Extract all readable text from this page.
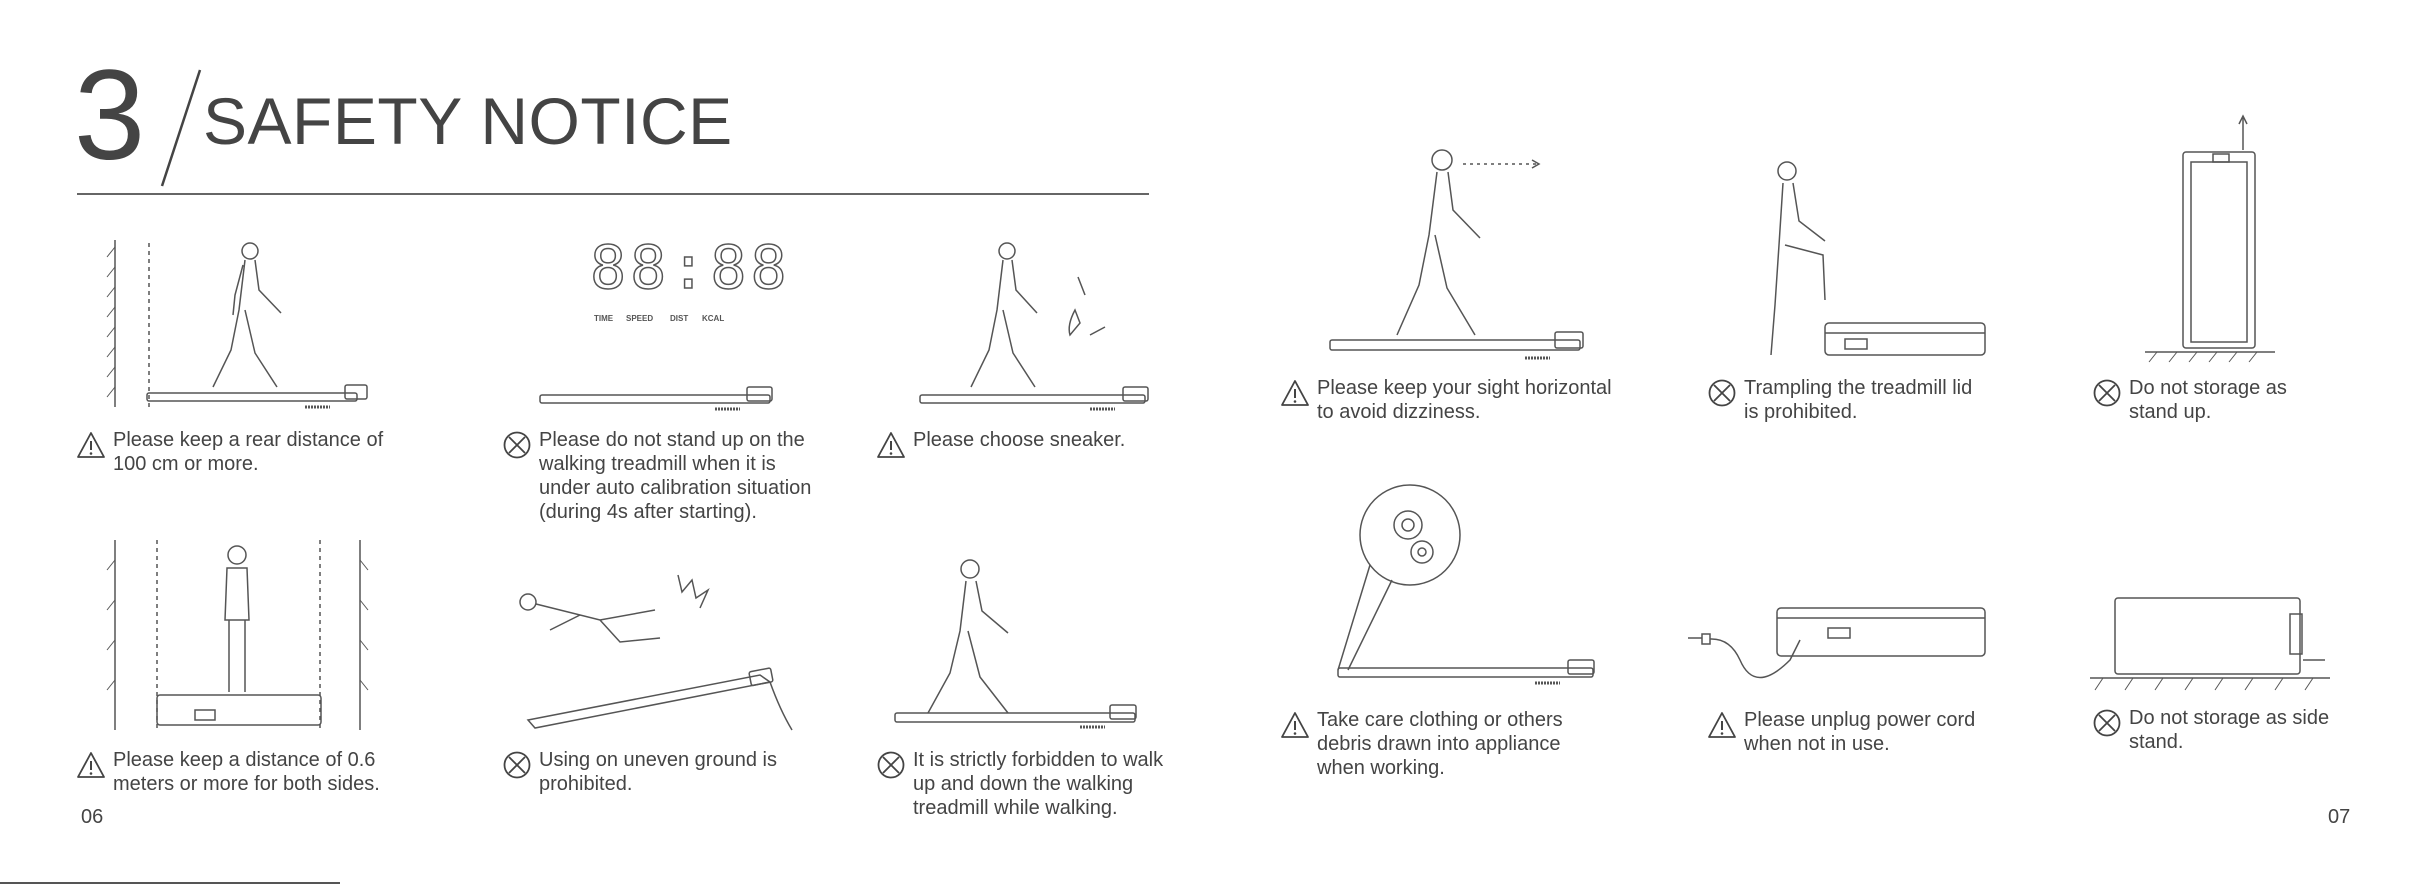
3 SAFETY NOTICE
88:88
TIME SPEED DIST KCAL
Please keep a rear distance of
100 cm or more.
Please do not stand up on the
walking treadmill when it is
under auto calibration situation
(during 4s after starting).
Please choose sneaker.
Please keep your sight horizontal
to avoid dizziness.
Trampling the treadmill lid
is prohibited.
Do not storage as
stand up.
Please keep a distance of 0.6
meters or more for both sides.
Using on uneven ground is
prohibited.
It is strictly forbidden to walk
up and down the walking
treadmill while walking.
Take care clothing or others
debris drawn into appliance
when working.
Please unplug power cord
when not in use.
Do not storage as side
stand.
06	07
